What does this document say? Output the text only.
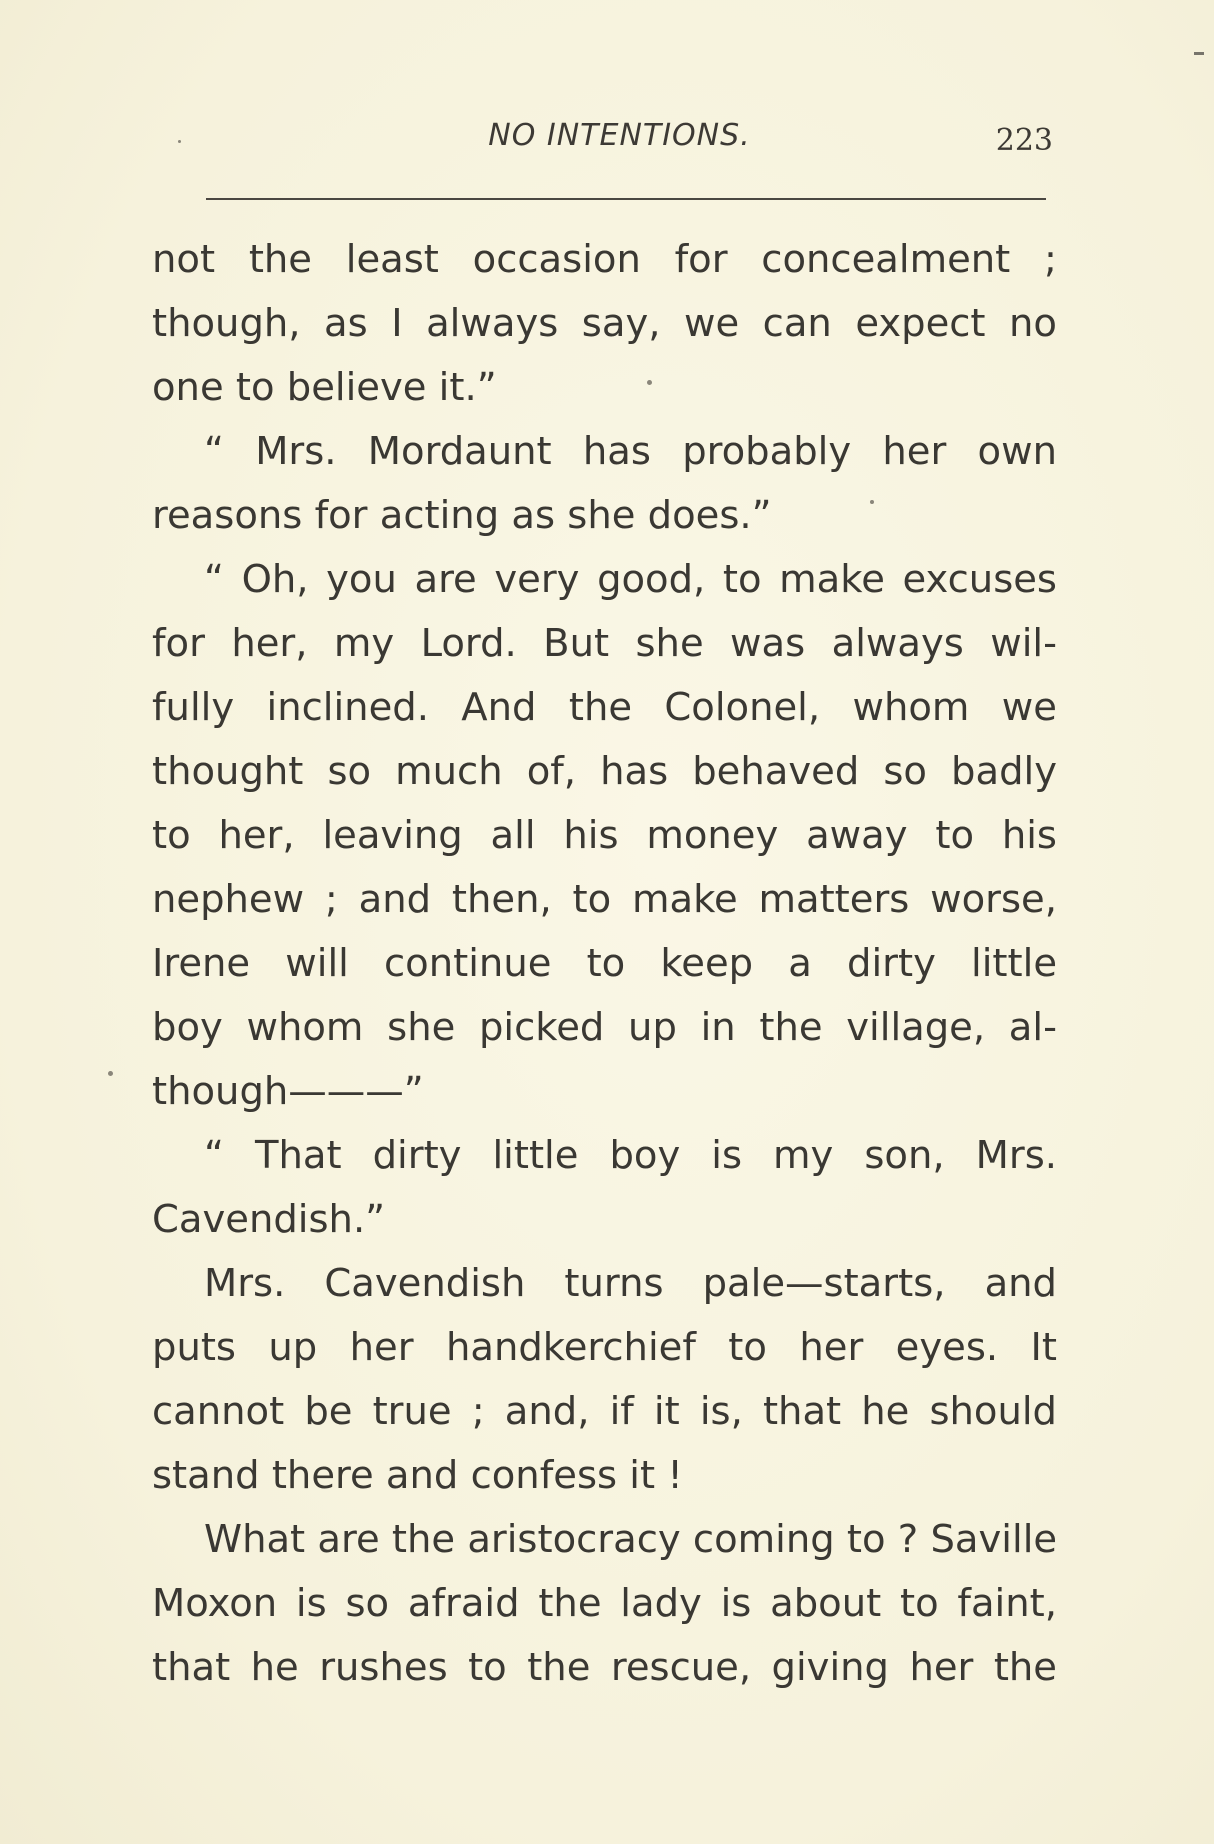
NO INTENTIONS.	223
not the least occasion for concealment ;
though, as I always say, we can expect no
one to believe it.”
“ Mrs. Mordaunt has probably her own
reasons for acting as she does.”
“ Oh, you are very good, to make excuses
for her, my Lord. But she was always wil-
fully inclined. And the Colonel, whom we
thought so much of, has behaved so badly
to her, leaving all his money away to his
nephew ; and then, to make matters worse,
Irene will continue to keep a dirty little
boy whom she picked up in the village, al-
though———”
“ That dirty little boy is my son, Mrs.
Cavendish.”
Mrs. Cavendish turns pale—starts, and
puts up her handkerchief to her eyes. It
cannot be true ; and, if it is, that he should
stand there and confess it !
What are the aristocracy coming to ? Saville
Moxon is so afraid the lady is about to faint,
that he rushes to the rescue, giving her the
